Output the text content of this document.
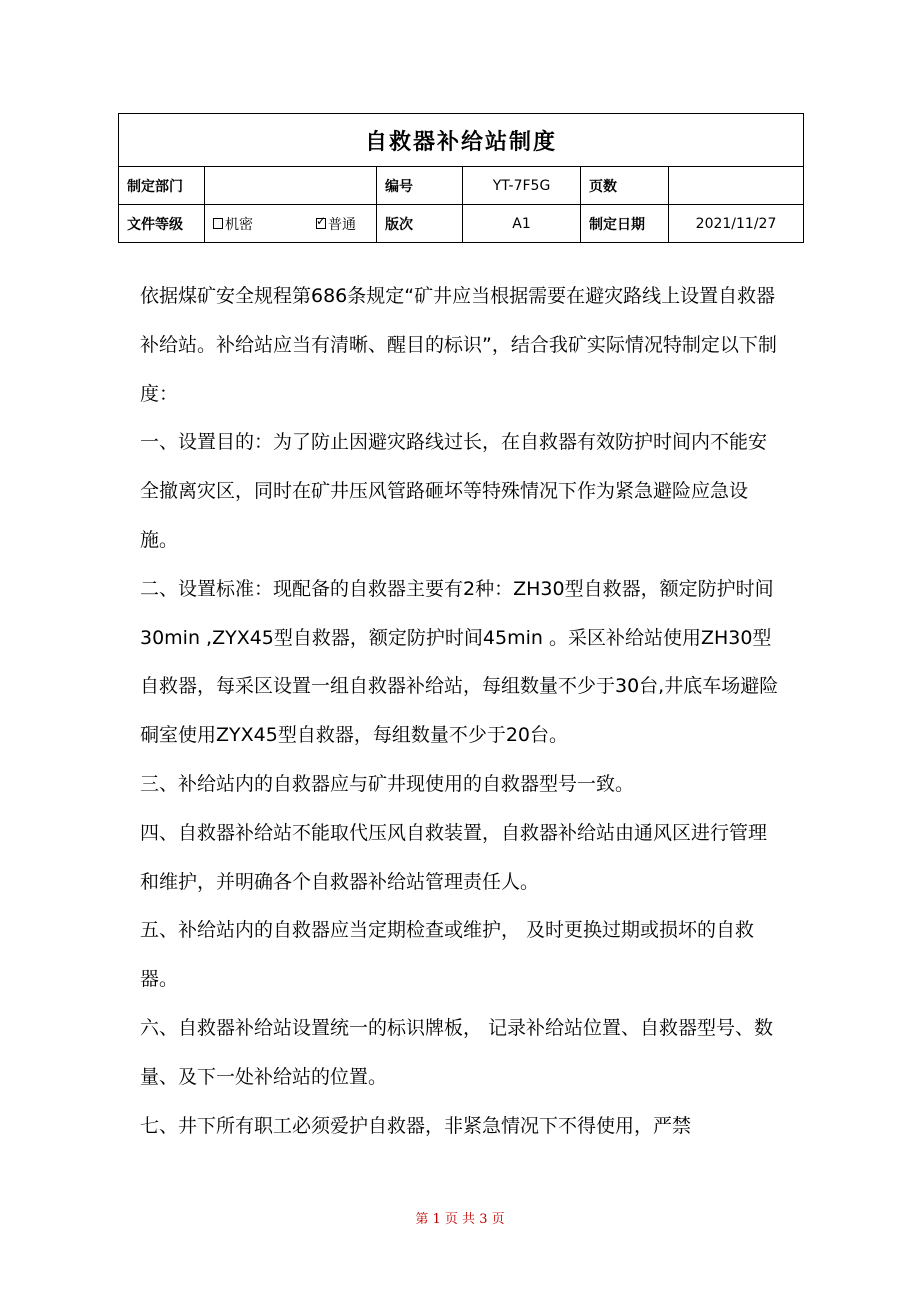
自救器补给站制度					
制定部门		编号	YT-7F5G	页数	
文件等级	机密 ✓ 普通	版次	A1	制定日期	2021/11/27

依据煤矿安全规程第686条规定“矿井应当根据需要在避灾路线上设置自救器补给站。补给站应当有清晰、醒目的标识”，结合我矿实际情况特制定以下制度：

一、设置目的：为了防止因避灾路线过长，在自救器有效防护时间内不能安全撤离灾区，同时在矿井压风管路砸坏等特殊情况下作为紧急避险应急设施。

二、设置标准：现配备的自救器主要有2种：ZH30型自救器，额定防护时间30min ,ZYX45型自救器，额定防护时间45min 。采区补给站使用ZH30型自救器，每采区设置一组自救器补给站，每组数量不少于30台,井底车场避险硐室使用ZYX45型自救器，每组数量不少于20台。

三、补给站内的自救器应与矿井现使用的自救器型号一致。

四、自救器补给站不能取代压风自救装置，自救器补给站由通风区进行管理和维护，并明确各个自救器补给站管理责任人。

五、补给站内的自救器应当定期检查或维护， 及时更换过期或损坏的自救器。

六、自救器补给站设置统一的标识牌板， 记录补给站位置、自救器型号、数量、及下一处补给站的位置。

七、井下所有职工必须爱护自救器，非紧急情况下不得使用，严禁

第 1 页 共 3 页
